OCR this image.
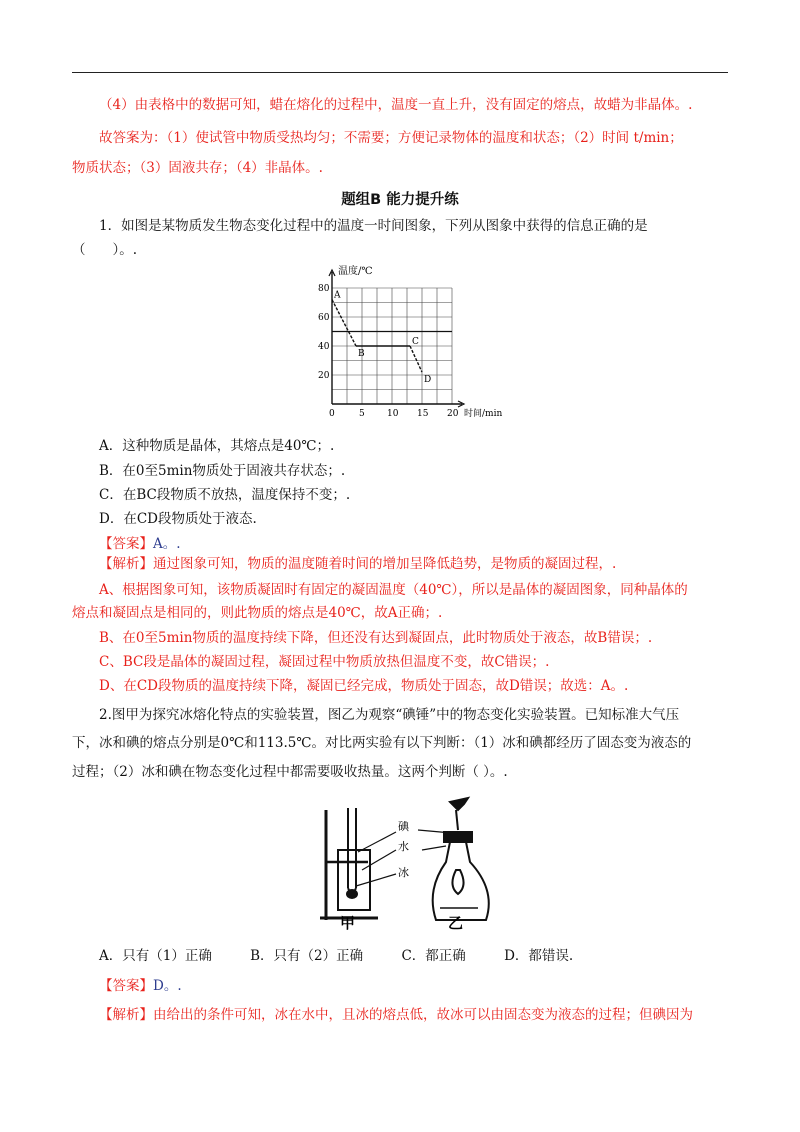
（4）由表格中的数据可知，蜡在熔化的过程中，温度一直上升，没有固定的熔点，故蜡为非晶体。.
故答案为：（1）使试管中物质受热均匀；不需要；方便记录物体的温度和状态；（2）时间 t/min；
物质状态；（3）固液共存；（4）非晶体。.
题组B 能力提升练
1．如图是某物质发生物态变化过程中的温度一时间图象，下列从图象中获得的信息正确的是
（　　）。.
0	5 10 15 20
20
40
60
80
温度/℃
时间/min
A
B
C
D
A．这种物质是晶体，其熔点是40℃；.
B．在0至5min物质处于固液共存状态；.
C．在BC段物质不放热，温度保持不变；.
D．在CD段物质处于液态.
【答案】A。.
【解析】通过图象可知，物质的温度随着时间的增加呈降低趋势，是物质的凝固过程，.
A、根据图象可知，该物质凝固时有固定的凝固温度（40℃），所以是晶体的凝固图象，同种晶体的
熔点和凝固点是相同的，则此物质的熔点是40℃，故A正确；.
B、在0至5min物质的温度持续下降，但还没有达到凝固点，此时物质处于液态，故B错误；.
C、BC段是晶体的凝固过程，凝固过程中物质放热但温度不变，故C错误；.
D、在CD段物质的温度持续下降，凝固已经完成，物质处于固态，故D错误；故选：A。.
2.图甲为探究冰熔化特点的实验装置，图乙为观察“碘锤”中的物态变化实验装置。已知标准大气压
下，冰和碘的熔点分别是0℃和113.5℃。对比两实验有以下判断：（1）冰和碘都经历了固态变为液态的
过程；（2）冰和碘在物态变化过程中都需要吸收热量。这两个判断（ ）。.
碘
水
冰
甲	乙
A．只有（1）正确	B．只有（2）正确	C．都正确	D．都错误.
【答案】D。.
【解析】由给出的条件可知，冰在水中，且冰的熔点低，故冰可以由固态变为液态的过程；但碘因为
